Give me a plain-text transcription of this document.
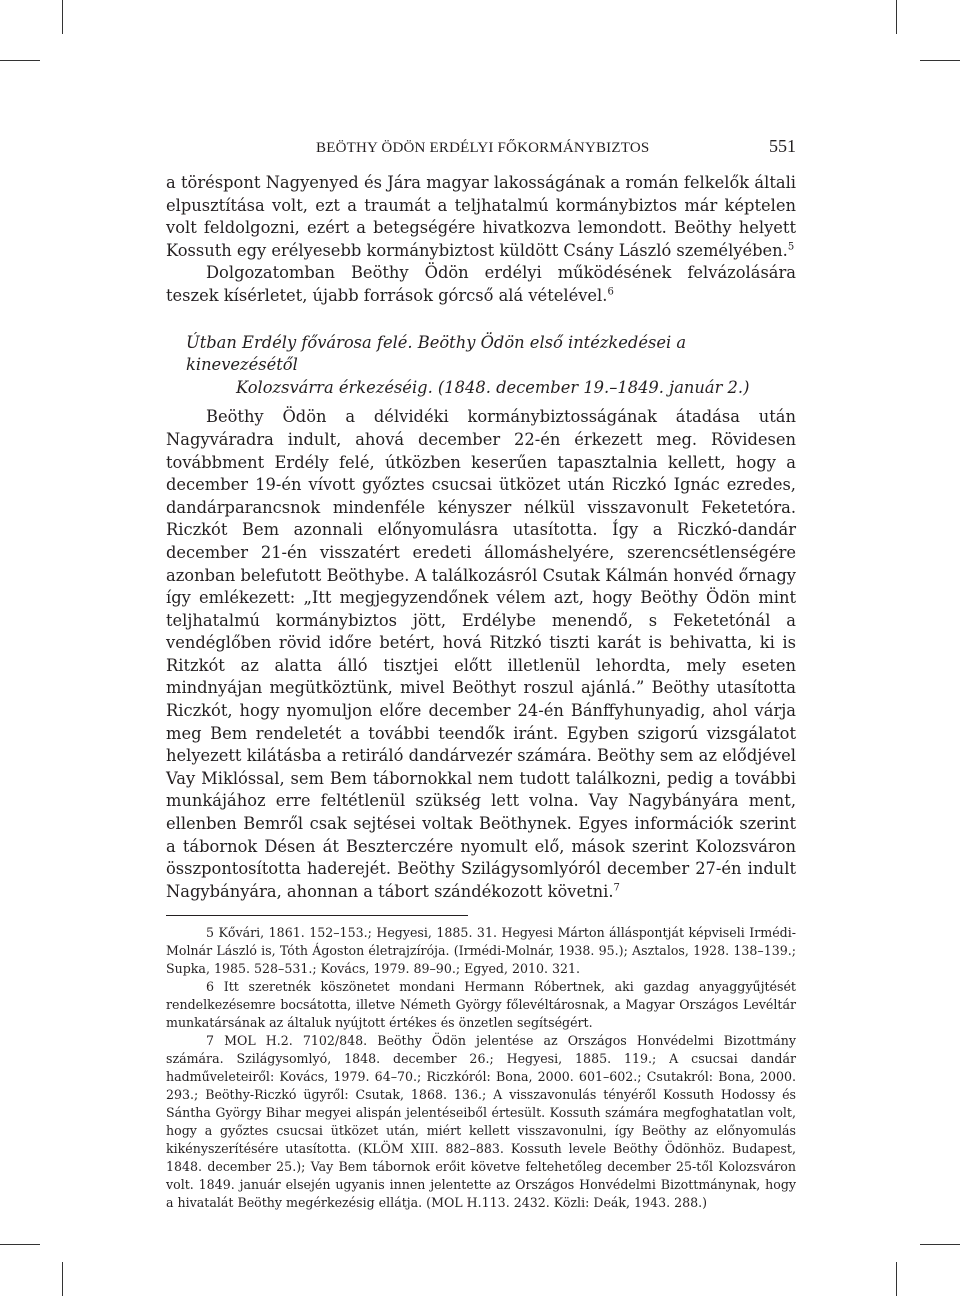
BEÖTHY ÖDÖN ERDÉLYI FŐKORMÁNYBIZTOS	551

a töréspont Nagyenyed és Jára magyar lakosságának a román felkelők általi elpusztítása volt, ezt a traumát a teljhatalmú kormánybiztos már képtelen volt feldolgozni, ezért a betegségére hivatkozva lemondott. Beöthy helyett Kossuth egy erélyesebb kormánybiztost küldött Csány László személyében.$^5$

Dolgozatomban Beöthy Ödön erdélyi működésének felvázolására teszek kísérletet, újabb források górcső alá vételével.$^6$

Útban Erdély fővárosa felé. Beöthy Ödön első intézkedései a kinevezésétől
Kolozsvárra érkezéséig. (1848. december 19.–1849. január 2.)

Beöthy Ödön a délvidéki kormánybiztosságának átadása után Nagyváradra indult, ahová december 22-én érkezett meg. Rövidesen továbbment Erdély felé, útközben keserűen tapasztalnia kellett, hogy a december 19-én vívott győztes csucsai ütközet után Riczkó Ignác ezredes, dandárparancsnok mindenféle kényszer nélkül visszavonult Feketetóra. Riczkót Bem azonnali előnyomulásra utasította. Így a Riczkó-dandár december 21-én visszatért eredeti állomáshelyére, szerencsétlenségére azonban belefutott Beöthybe. A találkozásról Csutak Kálmán honvéd őrnagy így emlékezett: „Itt megjegyzendőnek vélem azt, hogy Beöthy Ödön mint teljhatalmú kormánybiztos jött, Erdélybe menendő, s Feketetónál a vendéglőben rövid időre betért, hová Ritzkó tiszti karát is behivatta, ki is Ritzkót az alatta álló tisztjei előtt illetlenül lehordta, mely eseten mindnyájan megütköztünk, mivel Beöthyt roszul ajánlá.” Beöthy utasította Riczkót, hogy nyomuljon előre december 24-én Bánffyhunyadig, ahol várja meg Bem rendeletét a további teendők iránt. Egyben szigorú vizsgálatot helyezett kilátásba a retiráló dandárvezér számára. Beöthy sem az elődjével Vay Miklóssal, sem Bem tábornokkal nem tudott találkozni, pedig a további munkájához erre feltétlenül szükség lett volna. Vay Nagybányára ment, ellenben Bemről csak sejtései voltak Beöthynek. Egyes információk szerint a tábornok Désen át Beszterczére nyomult elő, mások szerint Kolozsváron összpontosította haderejét. Beöthy Szilágysomlyóról december 27-én indult Nagybányára, ahonnan a tábort szándékozott követni.$^7$

5 Kővári, 1861. 152–153.; Hegyesi, 1885. 31. Hegyesi Márton álláspontját képviseli Irmédi-Molnár László is, Tóth Ágoston életrajzírója. (Irmédi-Molnár, 1938. 95.); Asztalos, 1928. 138–139.; Supka, 1985. 528–531.; Kovács, 1979. 89–90.; Egyed, 2010. 321.

6 Itt szeretnék köszönetet mondani Hermann Róbertnek, aki gazdag anyaggyűjtését rendelkezésemre bocsátotta, illetve Németh György főlevéltárosnak, a Magyar Országos Levéltár munkatársának az általuk nyújtott értékes és önzetlen segítségért.

7 MOL H.2. 7102/848. Beöthy Ödön jelentése az Országos Honvédelmi Bizottmány számára. Szilágysomlyó, 1848. december 26.; Hegyesi, 1885. 119.; A csucsai dandár hadműveleteiről: Kovács, 1979. 64–70.; Riczkóról: Bona, 2000. 601–602.; Csutakról: Bona, 2000. 293.; Beöthy-Riczkó ügyről: Csutak, 1868. 136.; A visszavonulás tényéről Kossuth Hodossy és Sántha György Bihar megyei alispán jelentéseiből értesült. Kossuth számára megfoghatatlan volt, hogy a győztes csucsai ütközet után, miért kellett visszavonulni, így Beöthy az előnyomulás kikényszerítésére utasította. (KLÖM XIII. 882–883. Kossuth levele Beöthy Ödönhöz. Budapest, 1848. december 25.); Vay Bem tábornok erőit követve feltehetőleg december 25-től Kolozsváron volt. 1849. január elsején ugyanis innen jelentette az Országos Honvédelmi Bizottmánynak, hogy a hivatalát Beöthy megérkezésig ellátja. (MOL H.113. 2432. Közli: Deák, 1943. 288.)
